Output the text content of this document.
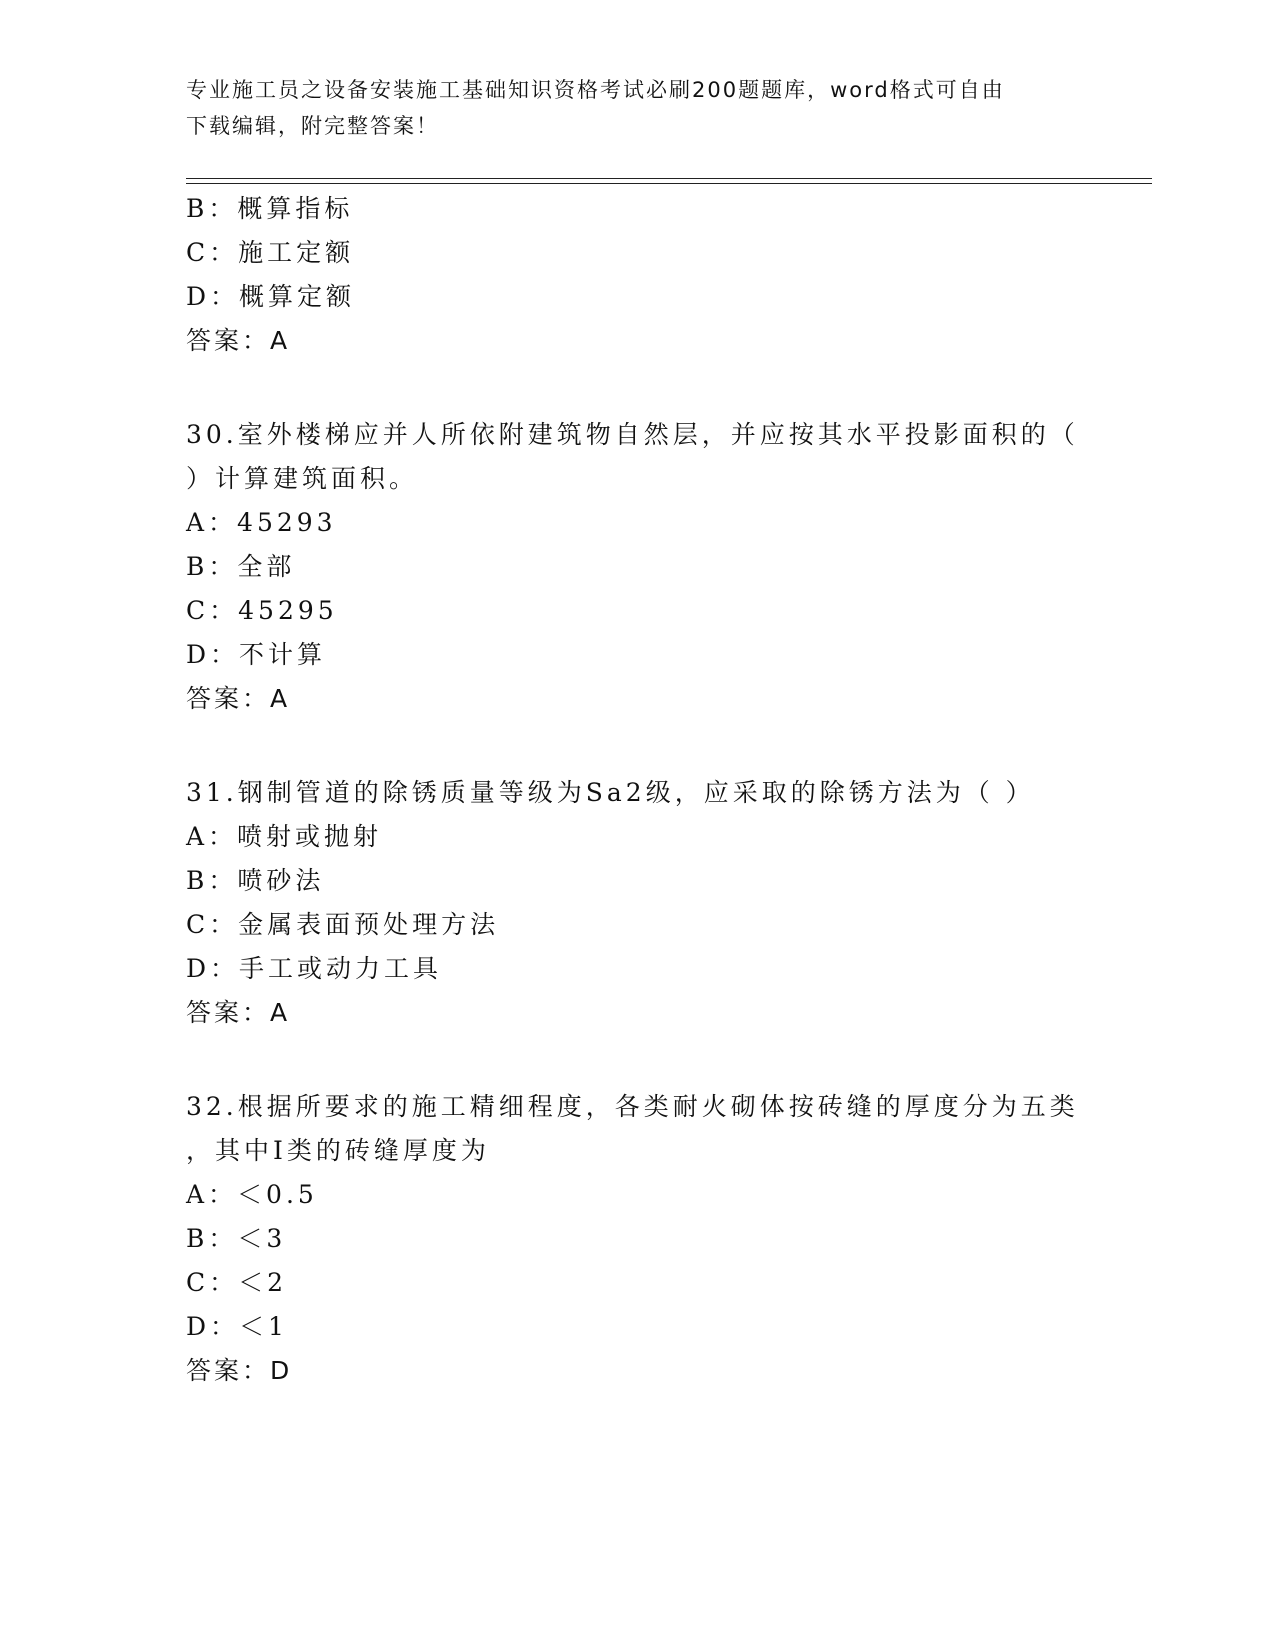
专业施工员之设备安装施工基础知识资格考试必刷200题题库，word格式可自由
下载编辑，附完整答案！
B：概算指标
C：施工定额
D：概算定额
答案：A
30.室外楼梯应并人所依附建筑物自然层，并应按其水平投影面积的（
）计算建筑面积。
A：45293
B：全部
C：45295
D：不计算
答案：A
31.钢制管道的除锈质量等级为Sa2级，应采取的除锈方法为（ ）
A：喷射或抛射
B：喷砂法
C：金属表面预处理方法
D：手工或动力工具
答案：A
32.根据所要求的施工精细程度，各类耐火砌体按砖缝的厚度分为五类
，其中Ⅰ类的砖缝厚度为
A：＜0.5
B：＜3
C：＜2
D：＜1
答案：D
